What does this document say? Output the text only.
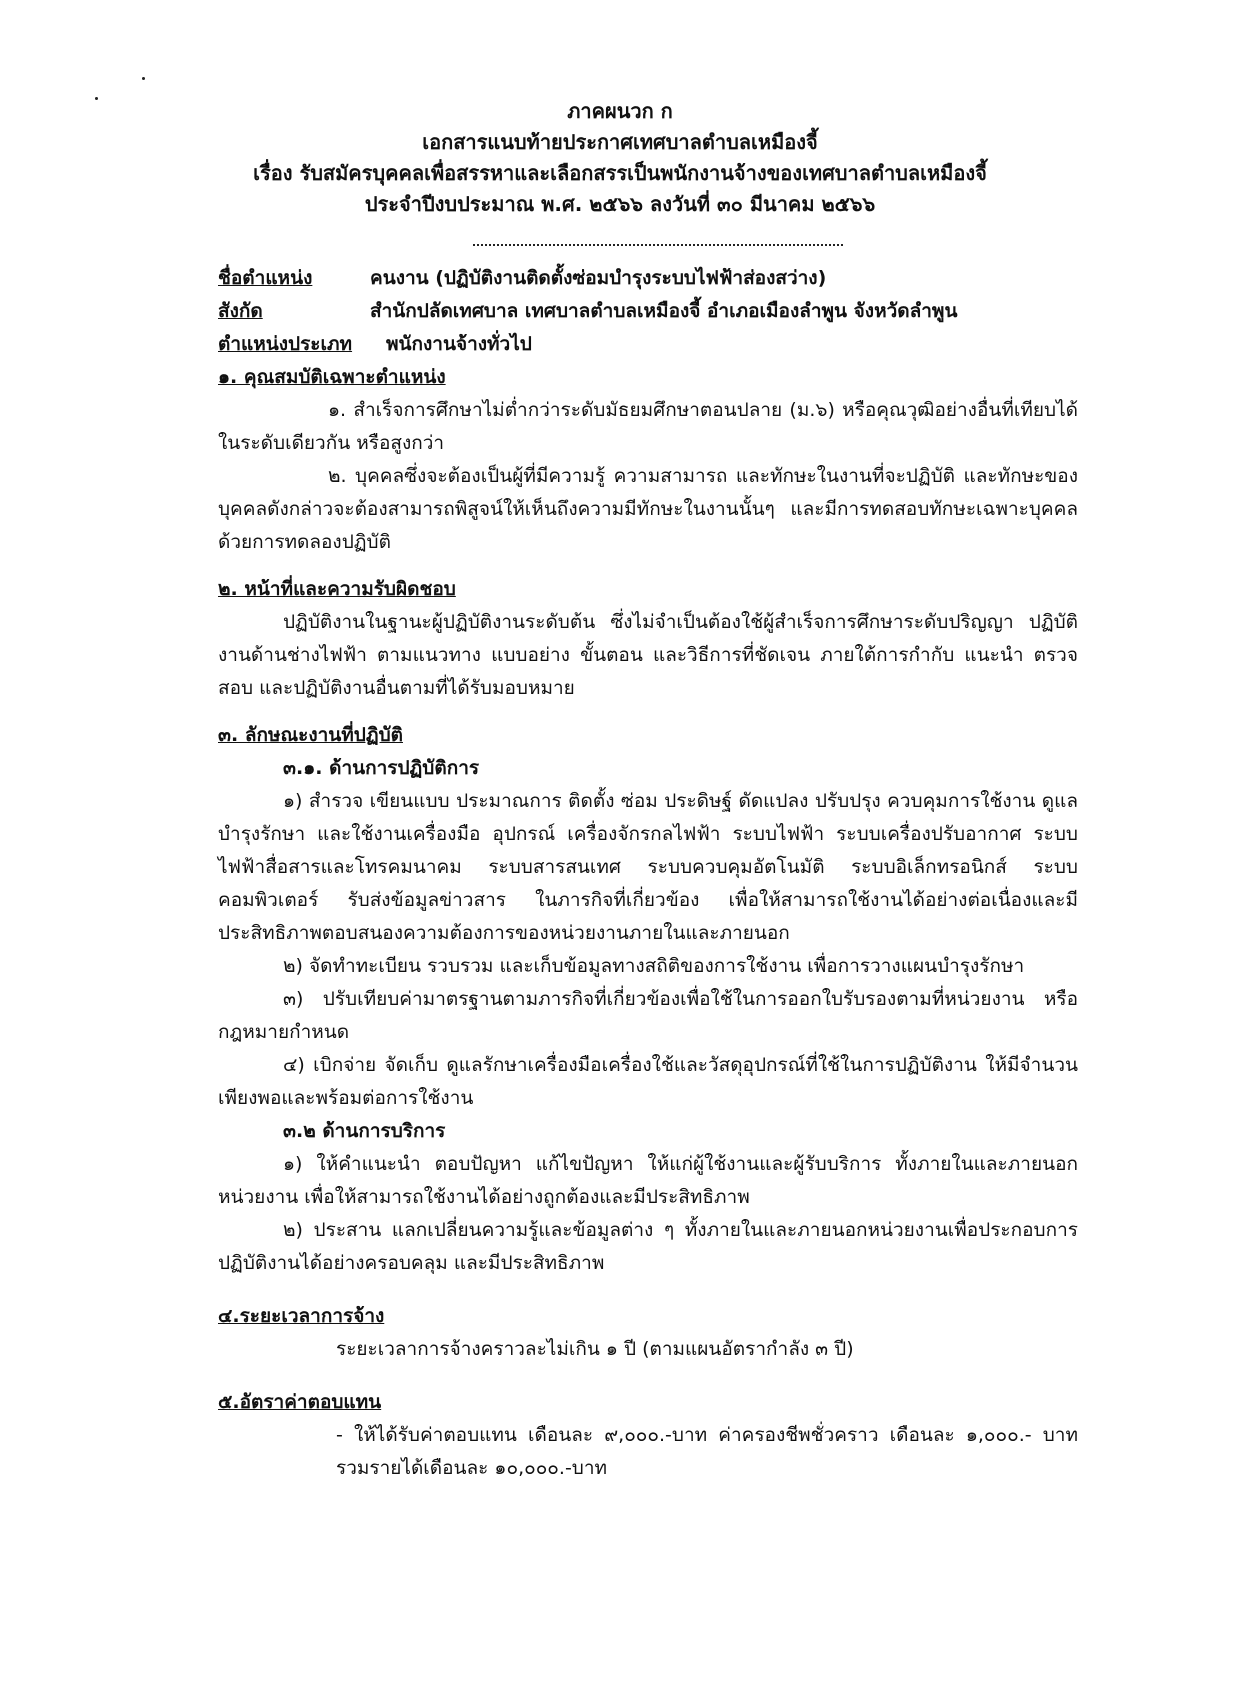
ภาคผนวก ก
เอกสารแนบท้ายประกาศเทศบาลตำบลเหมืองจี้
เรื่อง รับสมัครบุคคลเพื่อสรรหาและเลือกสรรเป็นพนักงานจ้างของเทศบาลตำบลเหมืองจี้
ประจำปีงบประมาณ พ.ศ. ๒๕๖๖ ลงวันที่ ๓๐ มีนาคม ๒๕๖๖
ชื่อตำแหน่ง	คนงาน (ปฏิบัติงานติดตั้งซ่อมบำรุงระบบไฟฟ้าส่องสว่าง)
สังกัด	สำนักปลัดเทศบาล เทศบาลตำบลเหมืองจี้ อำเภอเมืองลำพูน จังหวัดลำพูน
ตำแหน่งประเภท พนักงานจ้างทั่วไป
๑. คุณสมบัติเฉพาะตำแหน่ง
๑. สำเร็จการศึกษาไม่ต่ำกว่าระดับมัธยมศึกษาตอนปลาย (ม.๖) หรือคุณวุฒิอย่างอื่นที่เทียบได้ในระดับเดียวกัน หรือสูงกว่า
๒. บุคคลซึ่งจะต้องเป็นผู้ที่มีความรู้ ความสามารถ และทักษะในงานที่จะปฏิบัติ และทักษะของบุคคลดังกล่าวจะต้องสามารถพิสูจน์ให้เห็นถึงความมีทักษะในงานนั้นๆ และมีการทดสอบทักษะเฉพาะบุคคลด้วยการทดลองปฏิบัติ
๒. หน้าที่และความรับผิดชอบ
ปฏิบัติงานในฐานะผู้ปฏิบัติงานระดับต้น ซึ่งไม่จำเป็นต้องใช้ผู้สำเร็จการศึกษาระดับปริญญา ปฏิบัติงานด้านช่างไฟฟ้า ตามแนวทาง แบบอย่าง ขั้นตอน และวิธีการที่ชัดเจน ภายใต้การกำกับ แนะนำ ตรวจสอบ และปฏิบัติงานอื่นตามที่ได้รับมอบหมาย
๓. ลักษณะงานที่ปฏิบัติ
๓.๑. ด้านการปฏิบัติการ
๑) สำรวจ เขียนแบบ ประมาณการ ติดตั้ง ซ่อม ประดิษฐ์ ดัดแปลง ปรับปรุง ควบคุมการใช้งาน ดูแลบำรุงรักษา และใช้งานเครื่องมือ อุปกรณ์ เครื่องจักรกลไฟฟ้า ระบบไฟฟ้า ระบบเครื่องปรับอากาศ ระบบไฟฟ้าสื่อสารและโทรคมนาคม ระบบสารสนเทศ ระบบควบคุมอัตโนมัติ ระบบอิเล็กทรอนิกส์ ระบบคอมพิวเตอร์ รับส่งข้อมูลข่าวสาร ในภารกิจที่เกี่ยวข้อง เพื่อให้สามารถใช้งานได้อย่างต่อเนื่องและมีประสิทธิภาพตอบสนองความต้องการของหน่วยงานภายในและภายนอก
๒) จัดทำทะเบียน รวบรวม และเก็บข้อมูลทางสถิติของการใช้งาน เพื่อการวางแผนบำรุงรักษา
๓) ปรับเทียบค่ามาตรฐานตามภารกิจที่เกี่ยวข้องเพื่อใช้ในการออกใบรับรองตามที่หน่วยงาน หรือกฎหมายกำหนด
๔) เบิกจ่าย จัดเก็บ ดูแลรักษาเครื่องมือเครื่องใช้และวัสดุอุปกรณ์ที่ใช้ในการปฏิบัติงาน ให้มีจำนวนเพียงพอและพร้อมต่อการใช้งาน
๓.๒ ด้านการบริการ
๑) ให้คำแนะนำ ตอบปัญหา แก้ไขปัญหา ให้แก่ผู้ใช้งานและผู้รับบริการ ทั้งภายในและภายนอกหน่วยงาน เพื่อให้สามารถใช้งานได้อย่างถูกต้องและมีประสิทธิภาพ
๒) ประสาน แลกเปลี่ยนความรู้และข้อมูลต่าง ๆ ทั้งภายในและภายนอกหน่วยงานเพื่อประกอบการปฏิบัติงานได้อย่างครอบคลุม และมีประสิทธิภาพ
๔.ระยะเวลาการจ้าง
ระยะเวลาการจ้างคราวละไม่เกิน ๑ ปี (ตามแผนอัตรากำลัง ๓ ปี)
๕.อัตราค่าตอบแทน
- ให้ได้รับค่าตอบแทน เดือนละ ๙,๐๐๐.-บาท ค่าครองชีพชั่วคราว เดือนละ ๑,๐๐๐.- บาท รวมรายได้เดือนละ ๑๐,๐๐๐.-บาท
